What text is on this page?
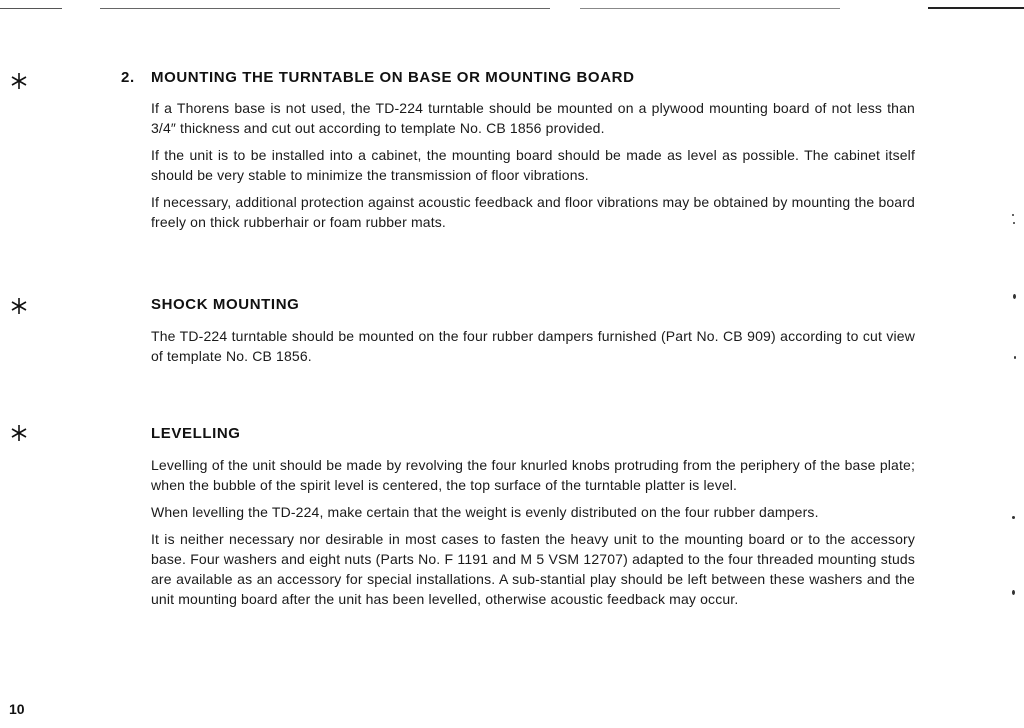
2. MOUNTING THE TURNTABLE ON BASE OR MOUNTING BOARD

If a Thorens base is not used, the TD-224 turntable should be mounted on a plywood mounting board of not less than 3/4″ thickness and cut out according to template No. CB 1856 provided.

If the unit is to be installed into a cabinet, the mounting board should be made as level as possible. The cabinet itself should be very stable to minimize the transmission of floor vibrations.

If necessary, additional protection against acoustic feedback and floor vibrations may be obtained by mounting the board freely on thick rubberhair or foam rubber mats.

SHOCK MOUNTING

The TD-224 turntable should be mounted on the four rubber dampers furnished (Part No. CB 909) according to cut view of template No. CB 1856.

LEVELLING

Levelling of the unit should be made by revolving the four knurled knobs protruding from the periphery of the base plate; when the bubble of the spirit level is centered, the top surface of the turntable platter is level.

When levelling the TD-224, make certain that the weight is evenly distributed on the four rubber dampers.

It is neither necessary nor desirable in most cases to fasten the heavy unit to the mounting board or to the accessory base. Four washers and eight nuts (Parts No. F 1191 and M 5 VSM 12707) adapted to the four threaded mounting studs are available as an accessory for special installations. A sub-stantial play should be left between these washers and the unit mounting board after the unit has been levelled, otherwise acoustic feedback may occur.

10
